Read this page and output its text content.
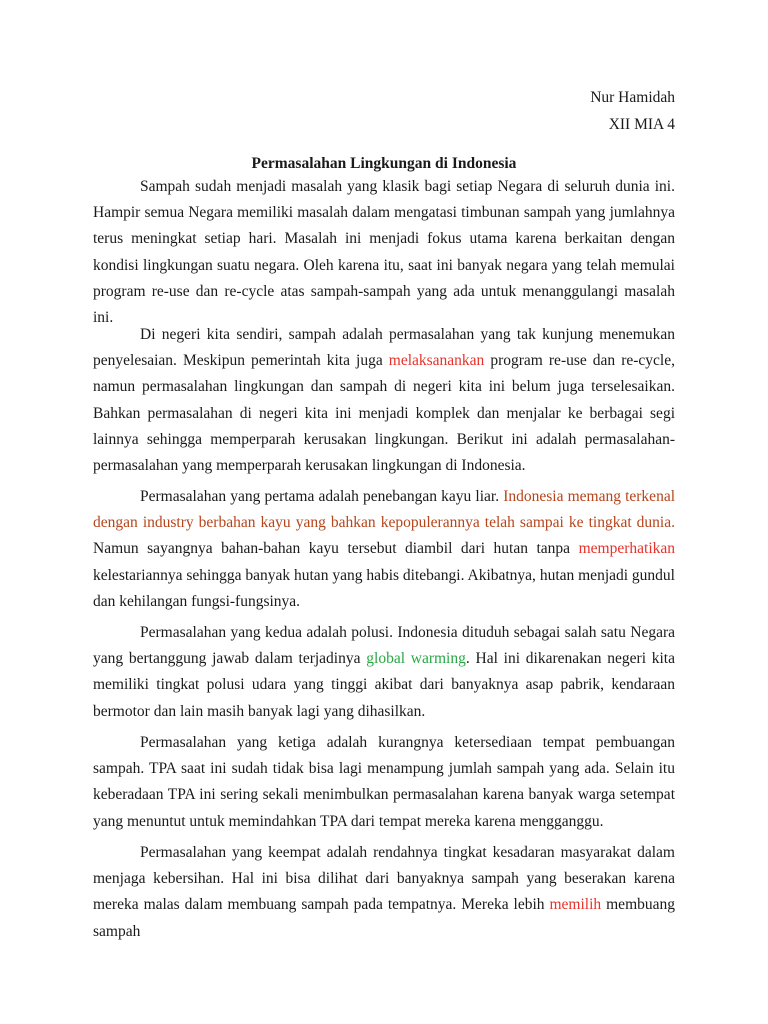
Nur Hamidah
XII MIA 4
Permasalahan Lingkungan di Indonesia

Sampah sudah menjadi masalah yang klasik bagi setiap Negara di seluruh dunia ini. Hampir semua Negara memiliki masalah dalam mengatasi timbunan sampah yang jumlahnya terus meningkat setiap hari. Masalah ini menjadi fokus utama karena berkaitan dengan kondisi lingkungan suatu negara. Oleh karena itu, saat ini banyak negara yang telah memulai program re-use dan re-cycle atas sampah-sampah yang ada untuk menanggulangi masalah ini.

Di negeri kita sendiri, sampah adalah permasalahan yang tak kunjung menemukan penyelesaian. Meskipun pemerintah kita juga melaksanankan program re-use dan re-cycle, namun permasalahan lingkungan dan sampah di negeri kita ini belum juga terselesaikan. Bahkan permasalahan di negeri kita ini menjadi komplek dan menjalar ke berbagai segi lainnya sehingga memperparah kerusakan lingkungan. Berikut ini adalah permasalahan-permasalahan yang memperparah kerusakan lingkungan di Indonesia.

Permasalahan yang pertama adalah penebangan kayu liar. Indonesia memang terkenal dengan industry berbahan kayu yang bahkan kepopulerannya telah sampai ke tingkat dunia. Namun sayangnya bahan-bahan kayu tersebut diambil dari hutan tanpa memperhatikan kelestariannya sehingga banyak hutan yang habis ditebangi. Akibatnya, hutan menjadi gundul dan kehilangan fungsi-fungsinya.

Permasalahan yang kedua adalah polusi. Indonesia dituduh sebagai salah satu Negara yang bertanggung jawab dalam terjadinya global warming. Hal ini dikarenakan negeri kita memiliki tingkat polusi udara yang tinggi akibat dari banyaknya asap pabrik, kendaraan bermotor dan lain masih banyak lagi yang dihasilkan.

Permasalahan yang ketiga adalah kurangnya ketersediaan tempat pembuangan sampah. TPA saat ini sudah tidak bisa lagi menampung jumlah sampah yang ada. Selain itu keberadaan TPA ini sering sekali menimbulkan permasalahan karena banyak warga setempat yang menuntut untuk memindahkan TPA dari tempat mereka karena mengganggu.

Permasalahan yang keempat adalah rendahnya tingkat kesadaran masyarakat dalam menjaga kebersihan. Hal ini bisa dilihat dari banyaknya sampah yang beserakan karena mereka malas dalam membuang sampah pada tempatnya. Mereka lebih memilih membuang sampah
